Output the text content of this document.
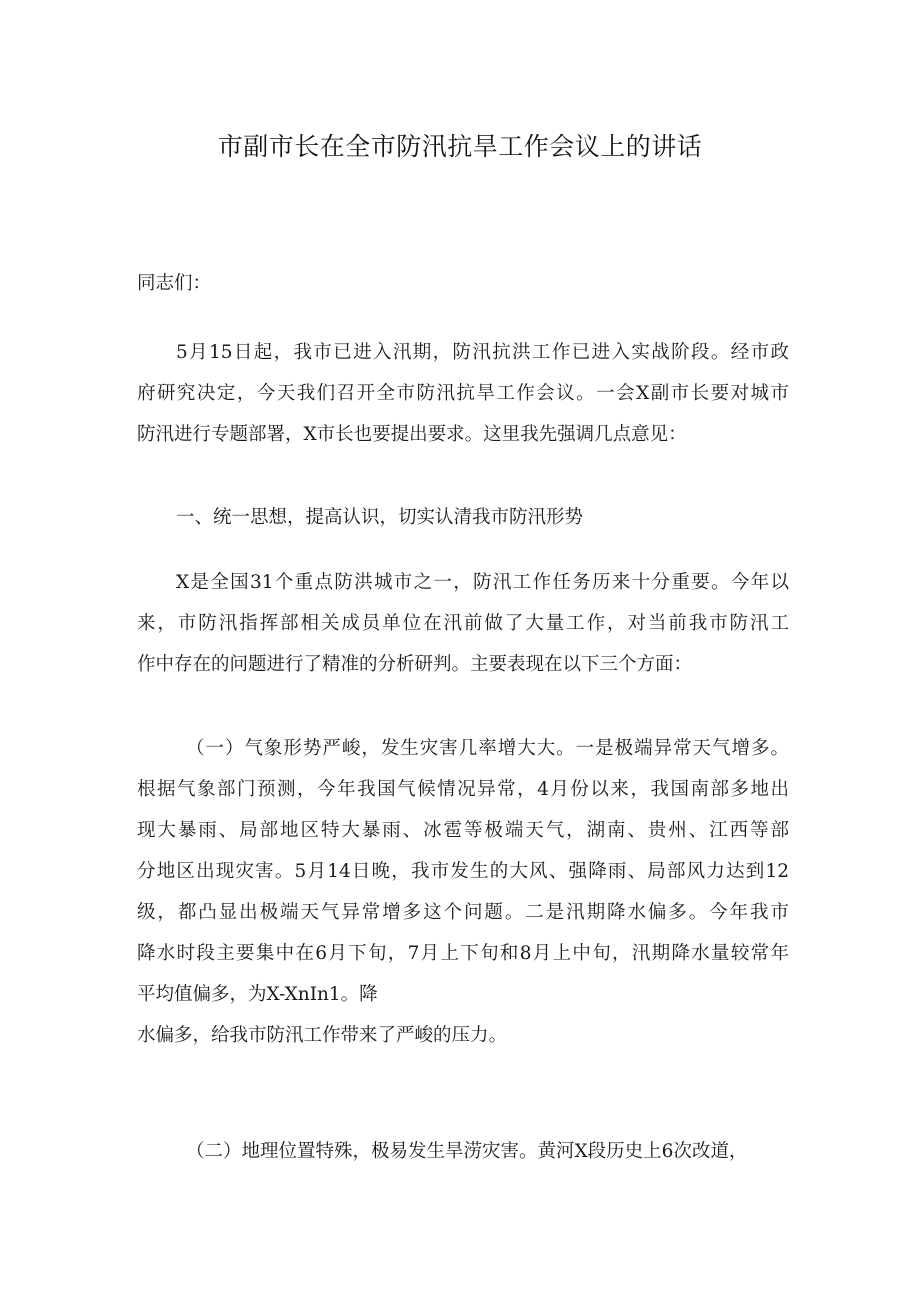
市副市长在全市防汛抗旱工作会议上的讲话

同志们：

5月15日起，我市已进入汛期，防汛抗洪工作已进入实战阶段。经市政
府研究决定，今天我们召开全市防汛抗旱工作会议。一会X副市长要对城市
防汛进行专题部署，X市长也要提出要求。这里我先强调几点意见：

一、统一思想，提高认识，切实认清我市防汛形势

X是全国31个重点防洪城市之一，防汛工作任务历来十分重要。今年以
来，市防汛指挥部相关成员单位在汛前做了大量工作，对当前我市防汛工
作中存在的问题进行了精准的分析研判。主要表现在以下三个方面：
（一）气象形势严峻，发生灾害几率增大大。一是极端异常天气增多。
根据气象部门预测，今年我国气候情况异常，4月份以来，我国南部多地出
现大暴雨、局部地区特大暴雨、冰雹等极端天气，湖南、贵州、江西等部
分地区出现灾害。5月14日晚，我市发生的大风、强降雨、局部风力达到12
级，都凸显出极端天气异常增多这个问题。二是汛期降水偏多。今年我市
降水时段主要集中在6月下旬，7月上下旬和8月上中旬，汛期降水量较常年
平均值偏多，为X-XnIn1。降
水偏多，给我市防汛工作带来了严峻的压力。
（二）地理位置特殊，极易发生旱涝灾害。黄河X段历史上6次改道，
